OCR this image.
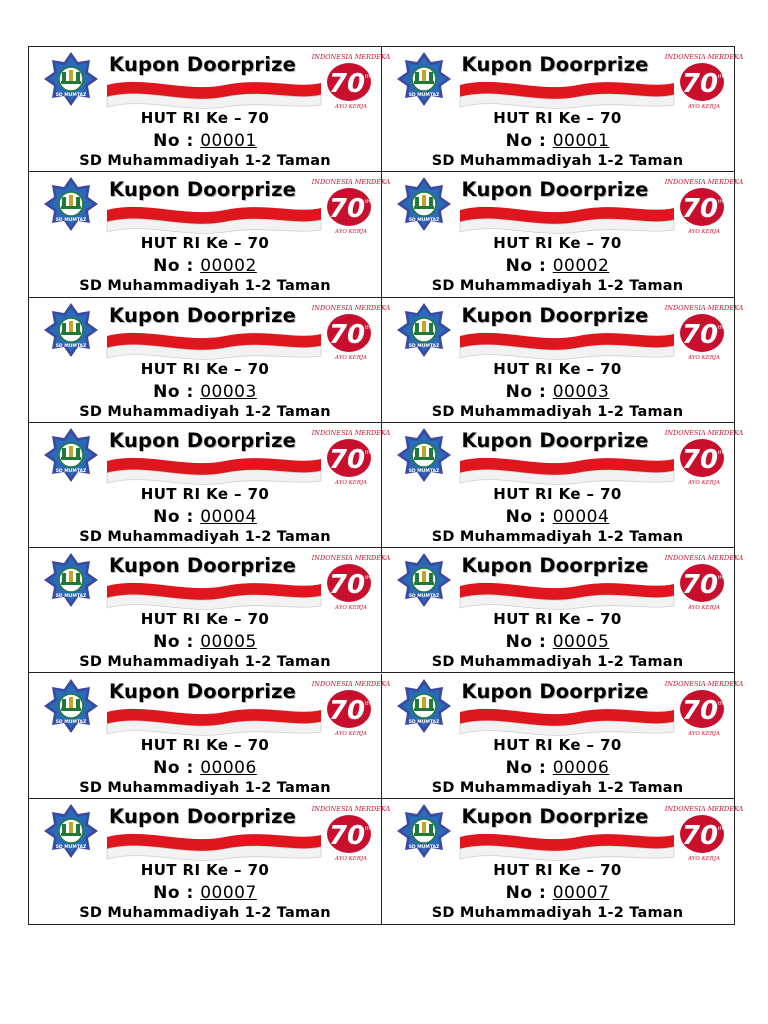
SD MUMTAZ
INDONESIA MERDEKA
70 th
AYO KERJA
Kupon Doorprize
HUT RI Ke – 70
No : 00001
SD Muhammadiyah 1-2 Taman
SD MUMTAZ
INDONESIA MERDEKA
70 th
AYO KERJA
Kupon Doorprize
HUT RI Ke – 70
No : 00001
SD Muhammadiyah 1-2 Taman
SD MUMTAZ
INDONESIA MERDEKA
70 th
AYO KERJA
Kupon Doorprize
HUT RI Ke – 70
No : 00002
SD Muhammadiyah 1-2 Taman
SD MUMTAZ
INDONESIA MERDEKA
70 th
AYO KERJA
Kupon Doorprize
HUT RI Ke – 70
No : 00002
SD Muhammadiyah 1-2 Taman
SD MUMTAZ
INDONESIA MERDEKA
70 th
AYO KERJA
Kupon Doorprize
HUT RI Ke – 70
No : 00003
SD Muhammadiyah 1-2 Taman
SD MUMTAZ
INDONESIA MERDEKA
70 th
AYO KERJA
Kupon Doorprize
HUT RI Ke – 70
No : 00003
SD Muhammadiyah 1-2 Taman
SD MUMTAZ
INDONESIA MERDEKA
70 th
AYO KERJA
Kupon Doorprize
HUT RI Ke – 70
No : 00004
SD Muhammadiyah 1-2 Taman
SD MUMTAZ
INDONESIA MERDEKA
70 th
AYO KERJA
Kupon Doorprize
HUT RI Ke – 70
No : 00004
SD Muhammadiyah 1-2 Taman
SD MUMTAZ
INDONESIA MERDEKA
70 th
AYO KERJA
Kupon Doorprize
HUT RI Ke – 70
No : 00005
SD Muhammadiyah 1-2 Taman
SD MUMTAZ
INDONESIA MERDEKA
70 th
AYO KERJA
Kupon Doorprize
HUT RI Ke – 70
No : 00005
SD Muhammadiyah 1-2 Taman
SD MUMTAZ
INDONESIA MERDEKA
70 th
AYO KERJA
Kupon Doorprize
HUT RI Ke – 70
No : 00006
SD Muhammadiyah 1-2 Taman
SD MUMTAZ
INDONESIA MERDEKA
70 th
AYO KERJA
Kupon Doorprize
HUT RI Ke – 70
No : 00006
SD Muhammadiyah 1-2 Taman
SD MUMTAZ
INDONESIA MERDEKA
70 th
AYO KERJA
Kupon Doorprize
HUT RI Ke – 70
No : 00007
SD Muhammadiyah 1-2 Taman
SD MUMTAZ
INDONESIA MERDEKA
70 th
AYO KERJA
Kupon Doorprize
HUT RI Ke – 70
No : 00007
SD Muhammadiyah 1-2 Taman
